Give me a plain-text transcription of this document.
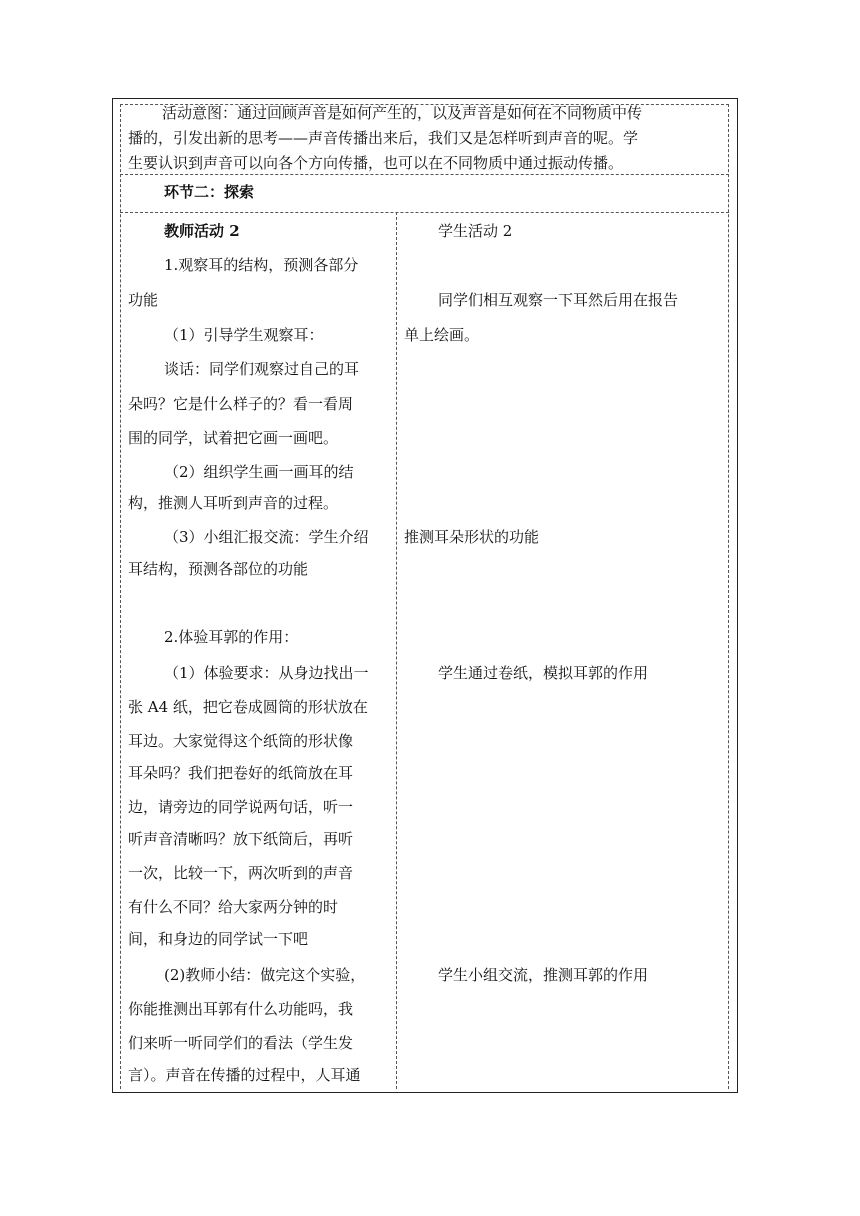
活动意图：通过回顾声音是如何产生的，以及声音是如何在不同物质中传
播的，引发出新的思考——声音传播出来后，我们又是怎样听到声音的呢。学
生要认识到声音可以向各个方向传播，也可以在不同物质中通过振动传播。
环节二：探索
教师活动 2
1.观察耳的结构，预测各部分
功能
（1）引导学生观察耳：
谈话：同学们观察过自己的耳
朵吗？它是什么样子的？看一看周
围的同学，试着把它画一画吧。
（2）组织学生画一画耳的结
构，推测人耳听到声音的过程。
（3）小组汇报交流：学生介绍
耳结构，预测各部位的功能
2.体验耳郭的作用：
（1）体验要求：从身边找出一
张 A4 纸，把它卷成圆筒的形状放在
耳边。大家觉得这个纸筒的形状像
耳朵吗？我们把卷好的纸筒放在耳
边，请旁边的同学说两句话，听一
听声音清晰吗？放下纸筒后，再听
一次，比较一下，两次听到的声音
有什么不同？给大家两分钟的时
间，和身边的同学试一下吧
(2)教师小结：做完这个实验，
你能推测出耳郭有什么功能吗，我
们来听一听同学们的看法（学生发
言）。声音在传播的过程中，人耳通
学生活动 2
同学们相互观察一下耳然后用在报告
单上绘画。
推测耳朵形状的功能
学生通过卷纸，模拟耳郭的作用
学生小组交流，推测耳郭的作用
